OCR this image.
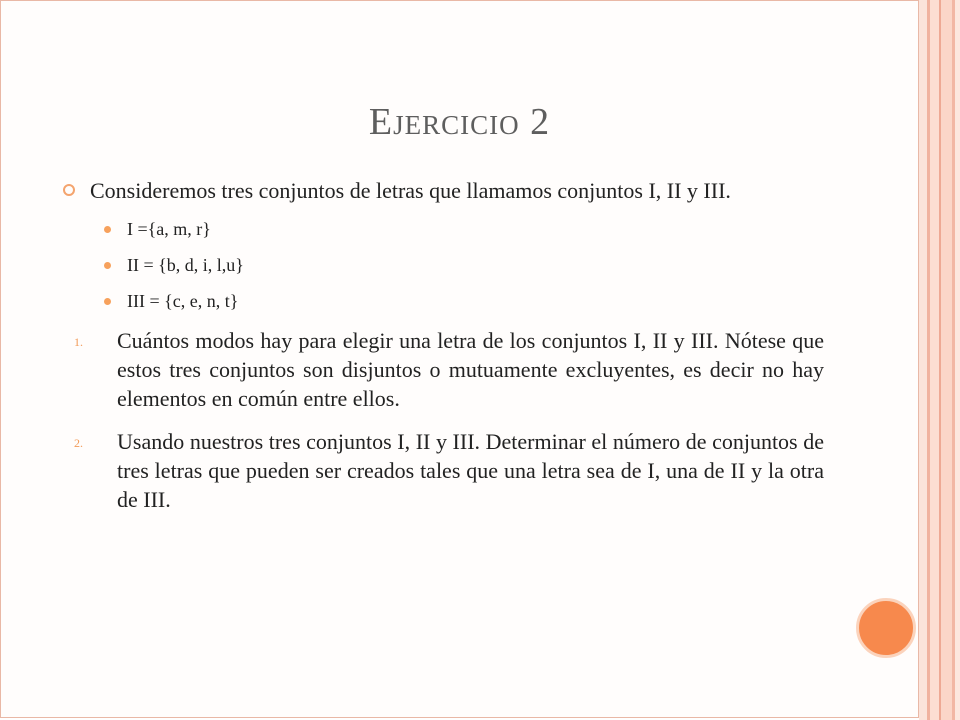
Ejercicio 2
Consideremos tres conjuntos de letras que llamamos conjuntos I, II y III.
I ={a, m, r}
II = {b, d, i, l,u}
III = {c, e, n, t}
1. Cuántos modos hay para elegir una letra de los conjuntos I, II y III. Nótese que estos tres conjuntos son disjuntos o mutuamente excluyentes, es decir no hay elementos en común entre ellos.
2. Usando nuestros tres conjuntos I, II y III. Determinar el número de conjuntos de tres letras que pueden ser creados tales que una letra sea de I, una de II y la otra de III.
